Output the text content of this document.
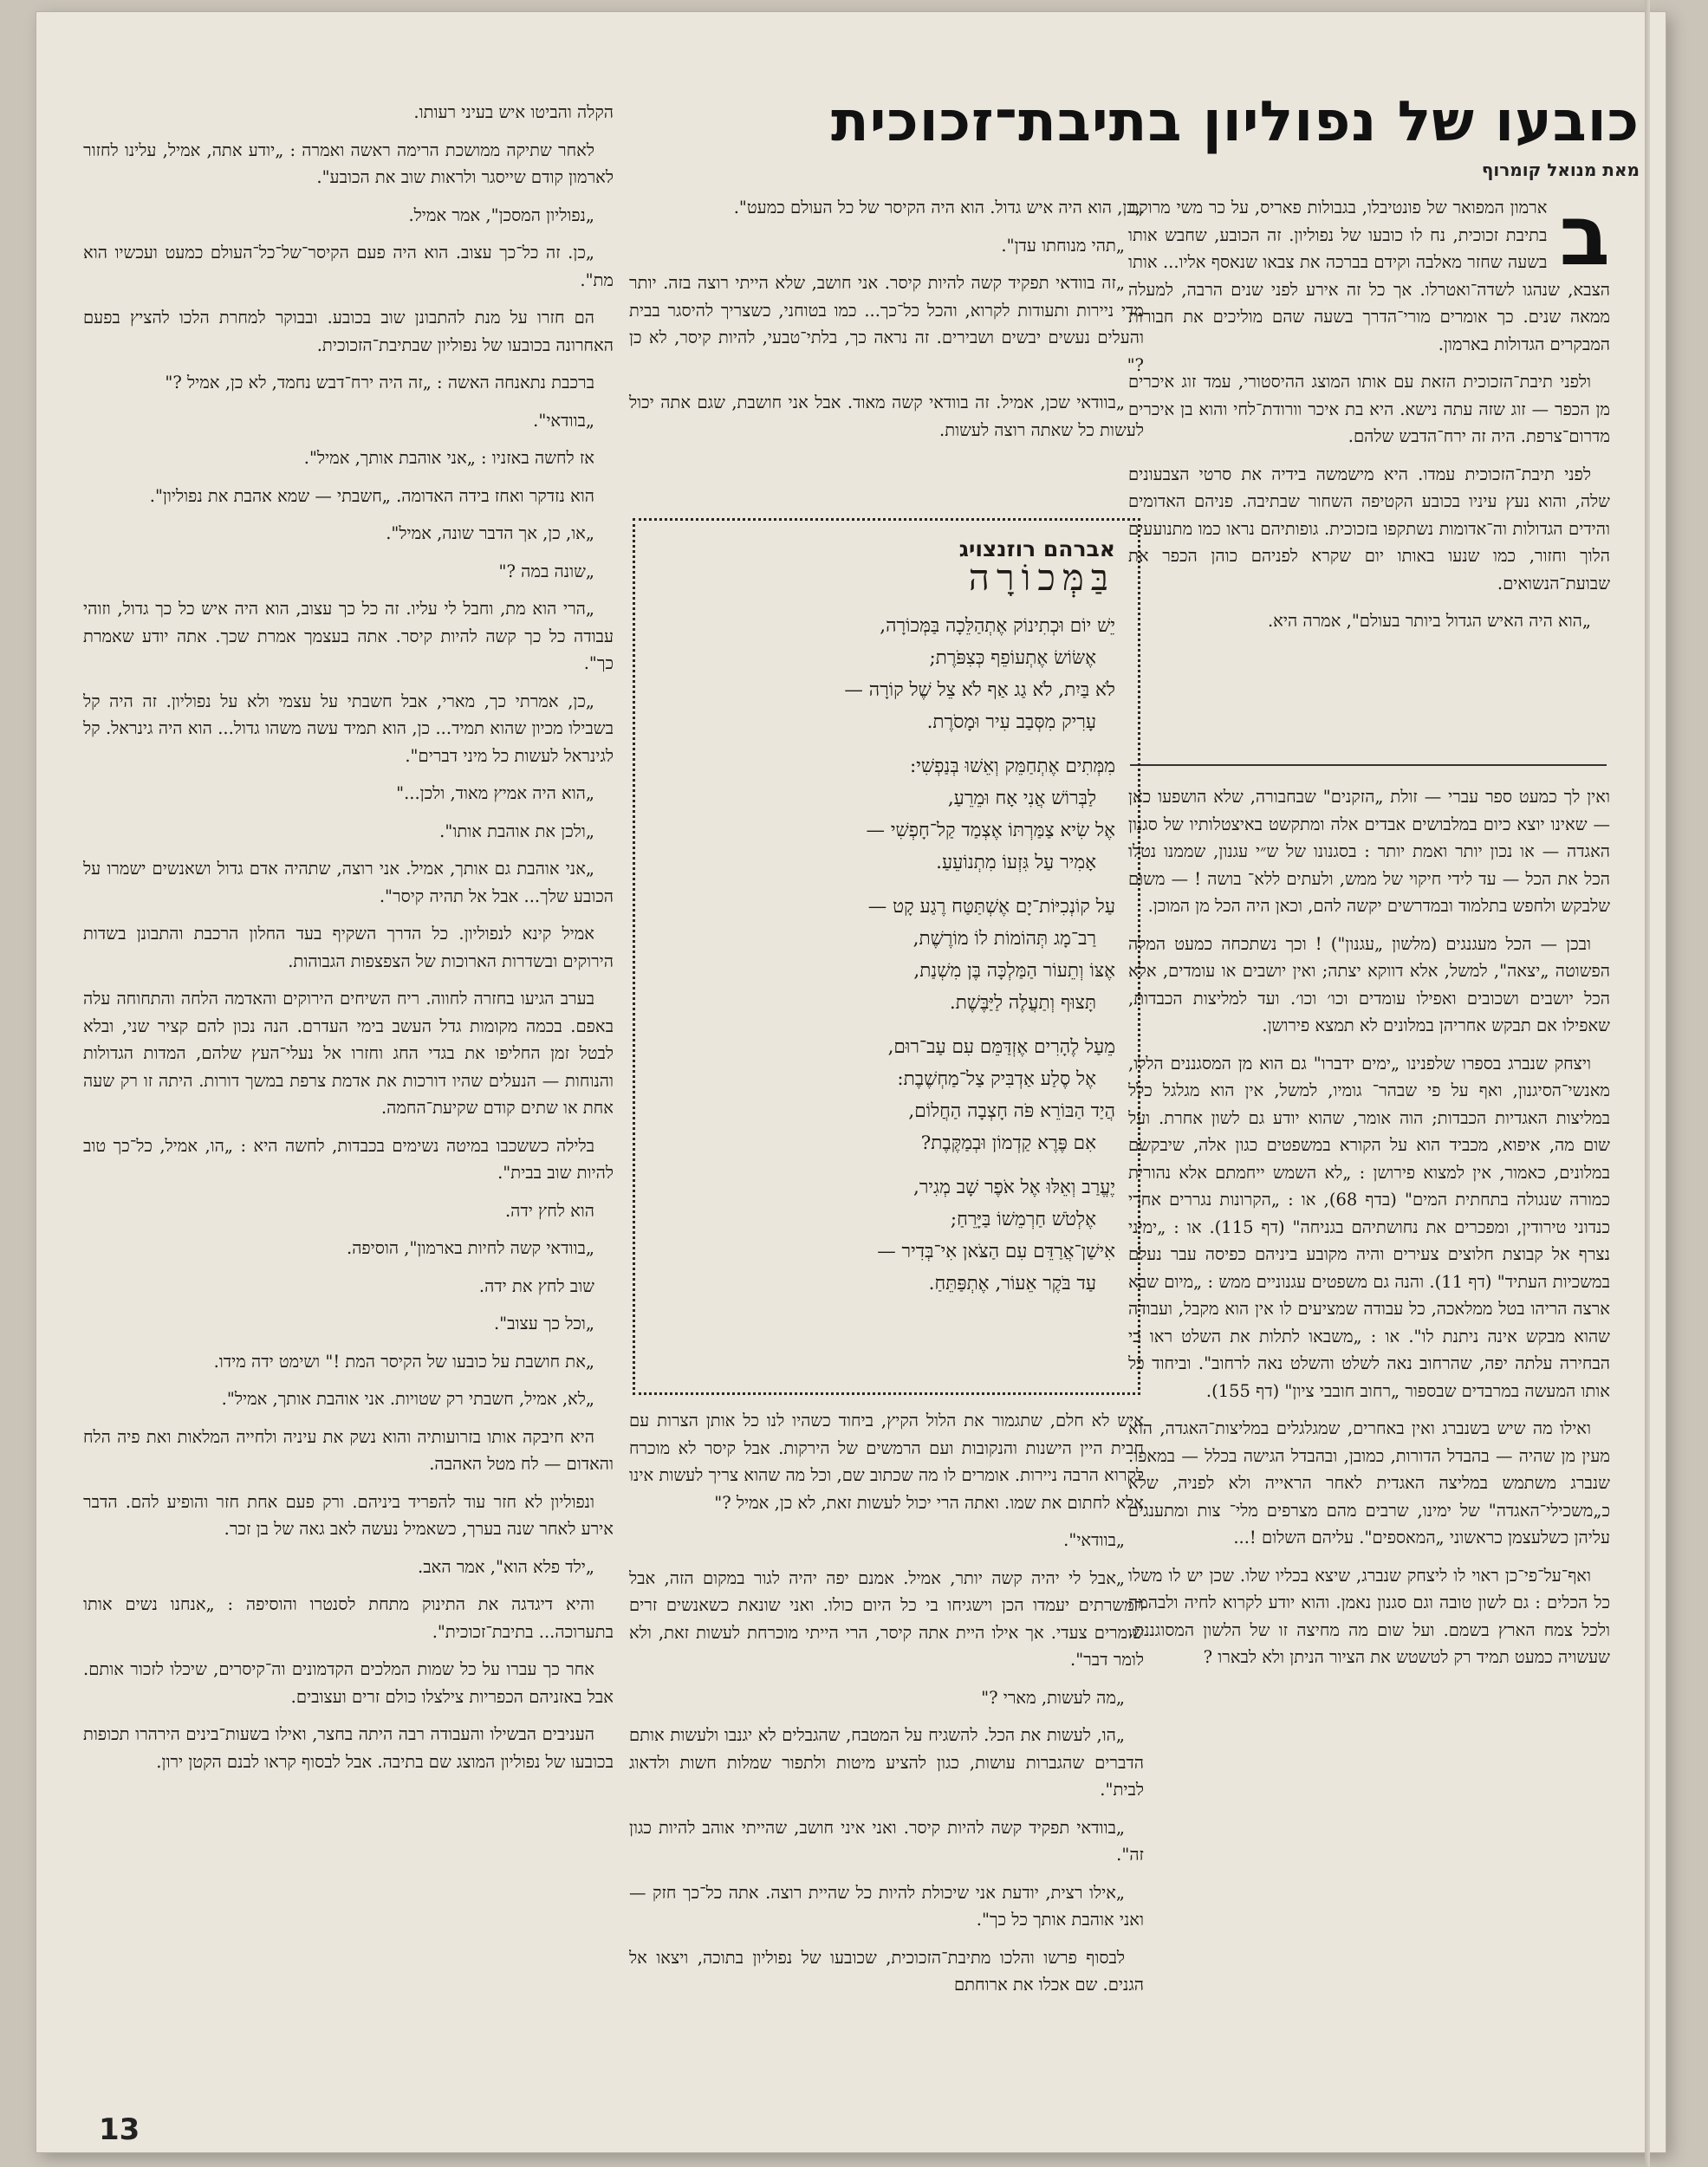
כובעו של נפוליון בתיבת־זכוכית
מאת מנואל קומרוף
ב

ארמון המפואר של פונטיבלו, בגבולות פאריס, על כר משי מרוקם בתיבת זכוכית, נח לו כובעו של נפוליון. זה הכובע, שחבש אותו בשעה שחזר מאלבה וקידם בברכה את צבאו שנאסף אליו... אותו הצבא, שנהגו לשדה־ואטרלו. אך כל זה אירע לפני שנים הרבה, למעלה ממאה שנים. כך אומרים מורי־הדרך בשעה שהם מוליכים את חבורות המבקרים הגדולות בארמון.

ולפני תיבת־הזכוכית הזאת עם אותו המוצג ההיסטורי, עמד זוג איכרים מן הכפר — זוג שזה עתה נישא. היא בת איכר וורודת־לחי והוא בן איכרים מדרום־צרפת. היה זה ירח־הדבש שלהם.

לפני תיבת־הזכוכית עמדו. היא מישמשה בידיה את סרטי הצבעונים שלה, והוא נעץ עיניו בכובע הקטיפה השחור שבתיבה. פניהם האדומים והידים הגדולות וה־אדומות נשתקפו בזכוכית. גופותיהם נראו כמו מתנועעים הלוך וחזור, כמו שנעו באותו יום שקרא לפניהם כוהן הכפר את שבועת־הנשואים.

„הוא היה האיש הגדול ביותר בעולם", אמרה היא.

ואין לך כמעט ספר עברי — זולת „הזקנים" שבחבורה, שלא הושפעו כאן — שאינו יוצא כיום במלבושים אבדים אלה ומתקשט באיצטלותיו של סגנון האגדה — או נכון יותר ואמת יותר : בסגנונו של ש״י עגנון, שממנו נטלו הכל את הכל — עד לידי חיקוי של ממש, ולעתים ללא־ בושה ! — משום שלבקש ולחפש בתלמוד ובמדרשים יקשה להם, וכאן היה הכל מן המוכן.

ובכן — הכל מעגנגים (מלשון „עגנון") ! וכך נשתכחה כמעט המלה הפשוטה „יצאה", למשל, אלא דווקא יצתה; ואין יושבים או עומדים, אלא הכל יושבים ושכובים ואפילו עומדים וכו׳ וכו׳. ועד למליצות הכבדות, שאפילו אם תבקש אחריהן במלונים לא תמצא פירושן.

ויצחק שנברג בספרו שלפנינו „ימים ידברו" גם הוא מן המסגננים הללו, מאנשי־הסיגנון, ואף על פי שבהר־ גומיו, למשל, אין הוא מגלגל כלל במליצות האגדיות הכבדות; הוה אומר, שהוא יודע גם לשון אחרת. ועל שום מה, איפוא, מכביד הוא על הקורא במשפטים כגון אלה, שיבקשם במלונים, כאמור, אין למצוא פירושן : „לא השמש ייחמתם אלא נהורית כמורה שנגולה בתחתית המים" (בדף 68), או : „הקרונות נגררים אחרי כנדוני טירודין, ומפכרים את נחושתיהם בגניחה" (דף 115). או : „ימיני נצרף אל קבוצת חלוצים צעירים והיה מקובע ביניהם כפיסה עבר נעלם במשכיות העתיד" (דף 11). והנה גם משפטים עגנוניים ממש : „מיום שבא ארצה הריהו בטל ממלאכה, כל עבודה שמציעים לו אין הוא מקבל, ועבודה שהוא מבקש אינה ניתנת לו". או : „משבאו לתלות את השלט ראו כי הבחירה עלתה יפה, שהרחוב נאה לשלט והשלט נאה לרחוב". וביחוד כל אותו המעשה במרבדים שבספור „רחוב חובבי ציון" (דף 155).

ואילו מה שיש בשנברג ואין באחרים, שמגלגלים במליצות־האגדה, הוא מעין מן שהיה — בהבדל הדורות, כמובן, ובהבדל הגישה בכלל — במאפו. שנברג משתמש במליצה האגדית לאחר הראייה ולא לפניה, שלא כ„משכילי־האגדה" של ימינו, שרבים מהם מצרפים מלי־ צות ומתענגים עליהן כשלעצמן כראשוני „המאספים". עליהם השלום !...

ואף־על־פי־כן ראוי לו ליצחק שנברג, שיצא בכליו שלו. שכן יש לו משלו כל הכלים : גם לשון טובה וגם סגנון נאמן. והוא יודע לקרוא לחיה ולבהמה ולכל צמח הארץ בשמם. ועל שום מה מחיצה זו של הלשון המסוגננת, שעשויה כמעט תמיד רק לטשטש את הציור הניתן ולא לבארו ?

„כן, הוא היה איש גדול. הוא היה הקיסר של כל העולם כמעט".

„תהי מנוחתו עדן".

„זה בוודאי תפקיד קשה להיות קיסר. אני חושב, שלא הייתי רוצה בזה. יותר מדי ניירות ותעודות לקרוא, והכל כל־כך... כמו בטוחני, כשצריך להיסגר בבית והעלים נעשים יבשים ושבירים. זה נראה כך, בלתי־טבעי, להיות קיסר, לא כן ?"

„בוודאי שכן, אמיל. זה בוודאי קשה מאוד. אבל אני חושבת, שגם אתה יכול לעשות כל שאתה רוצה לעשות.

אברהם רוזנצויג
בַּמְּכוֹרָה
יֵשׁ יוֹם וּכְתִינוֹק אֶתְהַלֵּכָה בַּמְּכוֹרָה,
אֶשּׂוֹשׂ אֶתְעוֹפֵף כְּצִפֹּרֶת;
לֹא בַּיִת, לֹא גַג אַף לֹא צֵל שֶׁל קוֹרָה —
עָרִיק מִסְּבַב עִיר וּמָסֹרֶת.
מִמְּתִים אֶתְחַמֵּק וְאֵשׁוּ בְּנַפְשִׁי:
לַבְּרוֹשׁ אֲנִי אָח וּמֵרֵעַ,
אֶל שִׂיא צַמַּרְתּוֹ אֶצְמַד קַל־חָפְשִׁי —
אָמִיר עַל גִּזְעוֹ מִתְנוֹעֵעַ.
עַל קוֹנְכִיּוֹת־יָם אֶשְׁתַּטַּח רֶגַע קָט —
רַב־מָג תְּהוֹמוֹת לוֹ מוֹרֶשֶׁת,
אֶצּוֹ וְתֵעוֹר הַמַּלְכָּה בֶּן מִשְׁנַת,
תָּצוּף וְתַעֲלֶה לַיַּבֶּשֶׁת.
מֵעַל לֶהָרִים אֶזְדַּמֵּם עִם עַב־רוּם,
אֶל סֶלַע אַדְבִּיק צַל־מַחְשֶׁבֶת:
הֲיַד הַבּוֹרֵא פֹּה חָצְבָה הַחֲלוֹם,
אִם פֶּרֶא קַדְמוֹן וּבְמַקֶּבֶת?
יֶעֱרַב וְאֵלּוּ אֶל אֹפֶר שָׁב מְגִיר,
אֶלְטֹשׁ חַרְמֵשׁוֹ בַּיָּרֵחַ;
אִישַׁן־אֲרַדֵּם עִם הַצֹּאן אִי־בְּדִיר —
עַד בֹּקֶר אֵעוֹר, אֶתְפַּתֵּחַ.

איש לא חלם, שתגמור את הלול הקיץ, ביחוד כשהיו לנו כל אותן הצרות עם חבית היין הישנות והנקובות ועם הרמשים של הירקות. אבל קיסר לא מוכרח לקרוא הרבה ניירות. אומרים לו מה שכתוב שם, וכל מה שהוא צריך לעשות אינו אלא לחתום את שמו. ואתה הרי יכול לעשות זאת, לא כן, אמיל ?"

„בוודאי".

„אבל לי יהיה קשה יותר, אמיל. אמנם יפה יהיה לגור במקום הזה, אבל המשרתים יעמדו הכן וישגיחו בי כל היום כולו. ואני שונאת כשאנשים זרים שומרים צעדי. אך אילו היית אתה קיסר, הרי הייתי מוכרחת לעשות זאת, ולא לומר דבר".

„מה לעשות, מארי ?"

„הו, לעשות את הכל. להשגיח על המטבח, שהגבלים לא יגנבו ולעשות אותם הדברים שהגברות עושות, כגון להציע מיטות ולתפור שמלות חשות ולדאוג לבית".

„בוודאי תפקיד קשה להיות קיסר. ואני איני חושב, שהייתי אוהב להיות כגון זה".

„אילו רצית, יודעת אני שיכולת להיות כל שהיית רוצה. אתה כל־כך חזק — ואני אוהבת אותך כל כך".

לבסוף פרשו והלכו מתיבת־הזכוכית, שכובעו של נפוליון בתוכה, ויצאו אל הגנים. שם אכלו את ארוחתם

הקלה והביטו איש בעיני רעותו.

לאחר שתיקה ממושכת הרימה ראשה ואמרה : „יודע אתה, אמיל, עלינו לחזור לארמון קודם שייסגר ולראות שוב את הכובע".

„נפוליון המסכן", אמר אמיל.

„כן. זה כל־כך עצוב. הוא היה פעם הקיסר־של־כל־העולם כמעט ועכשיו הוא מת".

הם חזרו על מנת להתבונן שוב בכובע. ובבוקר למחרת הלכו להציץ בפעם האחרונה בכובעו של נפוליון שבתיבת־הזכוכית.

ברכבת נתאנחה האשה : „זה היה ירח־דבש נחמד, לא כן, אמיל ?"

„בוודאי".

אז לחשה באזניו : „אני אוהבת אותך, אמיל".

הוא נזדקר ואחז בידה האדומה. „חשבתי — שמא אהבת את נפוליון".

„או, כן, אך הדבר שונה, אמיל".

„שונה במה ?"

„הרי הוא מת, וחבל לי עליו. זה כל כך עצוב, הוא היה איש כל כך גדול, וזוהי עבודה כל כך קשה להיות קיסר. אתה בעצמך אמרת שכך. אתה יודע שאמרת כך".

„כן, אמרתי כך, מארי, אבל חשבתי על עצמי ולא על נפוליון. זה היה קל בשבילו מכיון שהוא תמיד... כן, הוא תמיד עשה משהו גדול... הוא היה גינראל. קל לגינראל לעשות כל מיני דברים".

„הוא היה אמיץ מאוד, ולכן..."

„ולכן את אוהבת אותו".

„אני אוהבת גם אותך, אמיל. אני רוצה, שתהיה אדם גדול ושאנשים ישמרו על הכובע שלך... אבל אל תהיה קיסר".

אמיל קינא לנפוליון. כל הדרך השקיף בעד החלון הרכבת והתבונן בשדות הירוקים ובשדרות הארוכות של הצפצפות הגבוהות.

בערב הגיעו בחזרה לחווה. ריח השיחים הירוקים והאדמה הלחה והתחוחה עלה באפם. בכמה מקומות גדל העשב בימי העדרם. הנה נכון להם קציר שני, ובלא לבטל זמן החליפו את בגדי החג וחזרו אל נעלי־העץ שלהם, המדות הגדולות והנוחות — הנעלים שהיו דורכות את אדמת צרפת במשך דורות. היתה זו רק שעה אחת או שתים קודם שקיעת־החמה.

בלילה כששכבו במיטה נשימים בכבדות, לחשה היא : „הו, אמיל, כל־כך טוב להיות שוב בבית".

הוא לחץ ידה.

„בוודאי קשה לחיות בארמון", הוסיפה.

שוב לחץ את ידה.

„וכל כך עצוב".

„את חושבת על כובעו של הקיסר המת !" ושימט ידה מידו.

„לא, אמיל, חשבתי רק שטויות. אני אוהבת אותך, אמיל".

היא חיבקה אותו בזרועותיה והוא נשק את עיניה ולחייה המלאות ואת פיה הלח והאדום — לח מטל האהבה.

ונפוליון לא חזר עוד להפריד ביניהם. ורק פעם אחת חזר והופיע להם. הדבר אירע לאחר שנה בערך, כשאמיל נעשה לאב גאה של בן זכר.

„ילד פלא הוא", אמר האב.

והיא דיגדגה את התינוק מתחת לסנטרו והוסיפה : „אנחנו נשים אותו בתערוכה... בתיבת־זכוכית".

אחר כך עברו על כל שמות המלכים הקדמונים וה־קיסרים, שיכלו לזכור אותם. אבל באזניהם הכפריות צילצלו כולם זרים ועצובים.

העניבים הבשילו והעבודה רבה היתה בחצר, ואילו בשעות־בינים הירהרו תכופות בכובעו של נפוליון המוצג שם בתיבה. אבל לבסוף קראו לבנם הקטן ירון.

13
